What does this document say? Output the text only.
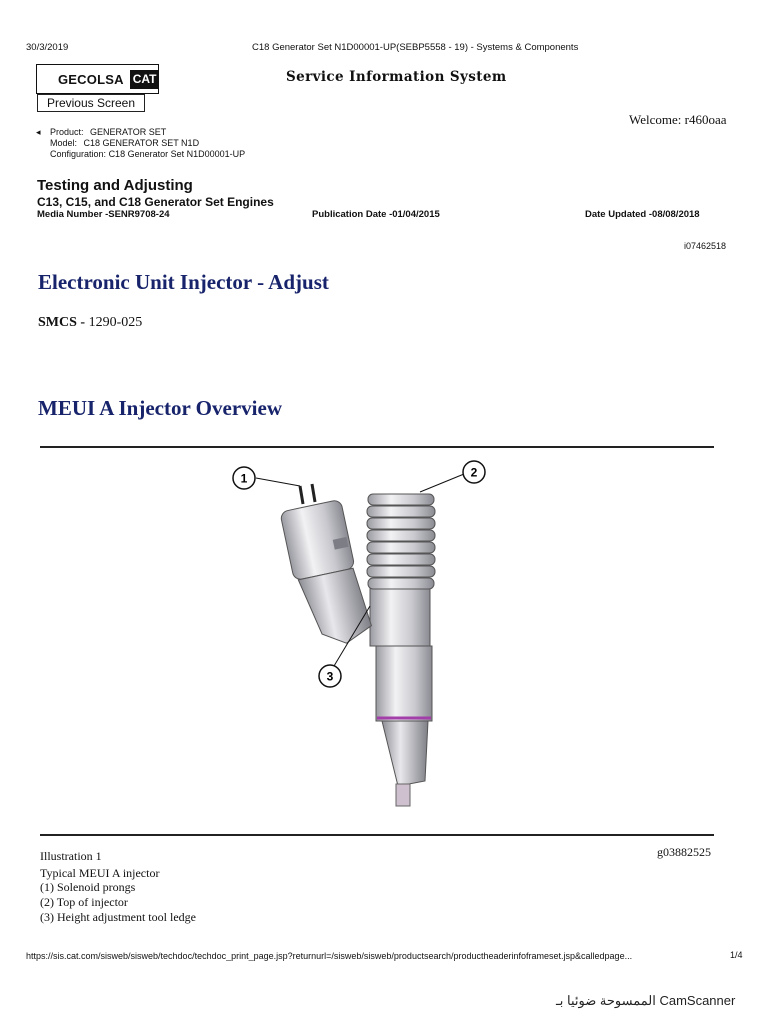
30/3/2019	C18 Generator Set N1D00001-UP(SEBP5558 - 19) - Systems & Components
GECOLSA CAT
Previous Screen
Service Information System
Welcome: r460oaa
◂ Product:
GENERATOR SET
Model:
C18 GENERATOR SET N1D
Configuration:
C18 Generator Set N1D00001-UP
Testing and Adjusting
C13, C15, and C18 Generator Set Engines
Media Number -SENR9708-24	Publication Date -01/04/2015	Date Updated -08/08/2018
i07462518
Electronic Unit Injector - Adjust
SMCS - 1290-025
MEUI A Injector Overview
1	2
3
Illustration 1	g03882525
Typical MEUI A injector
(1) Solenoid prongs
(2) Top of injector
(3) Height adjustment tool ledge
https://sis.cat.com/sisweb/sisweb/techdoc/techdoc_print_page.jsp?returnurl=/sisweb/sisweb/productsearch/productheaderinfoframeset.jsp&calledpage...	1/4
الممسوحة ضوئيا بـ CamScanner
